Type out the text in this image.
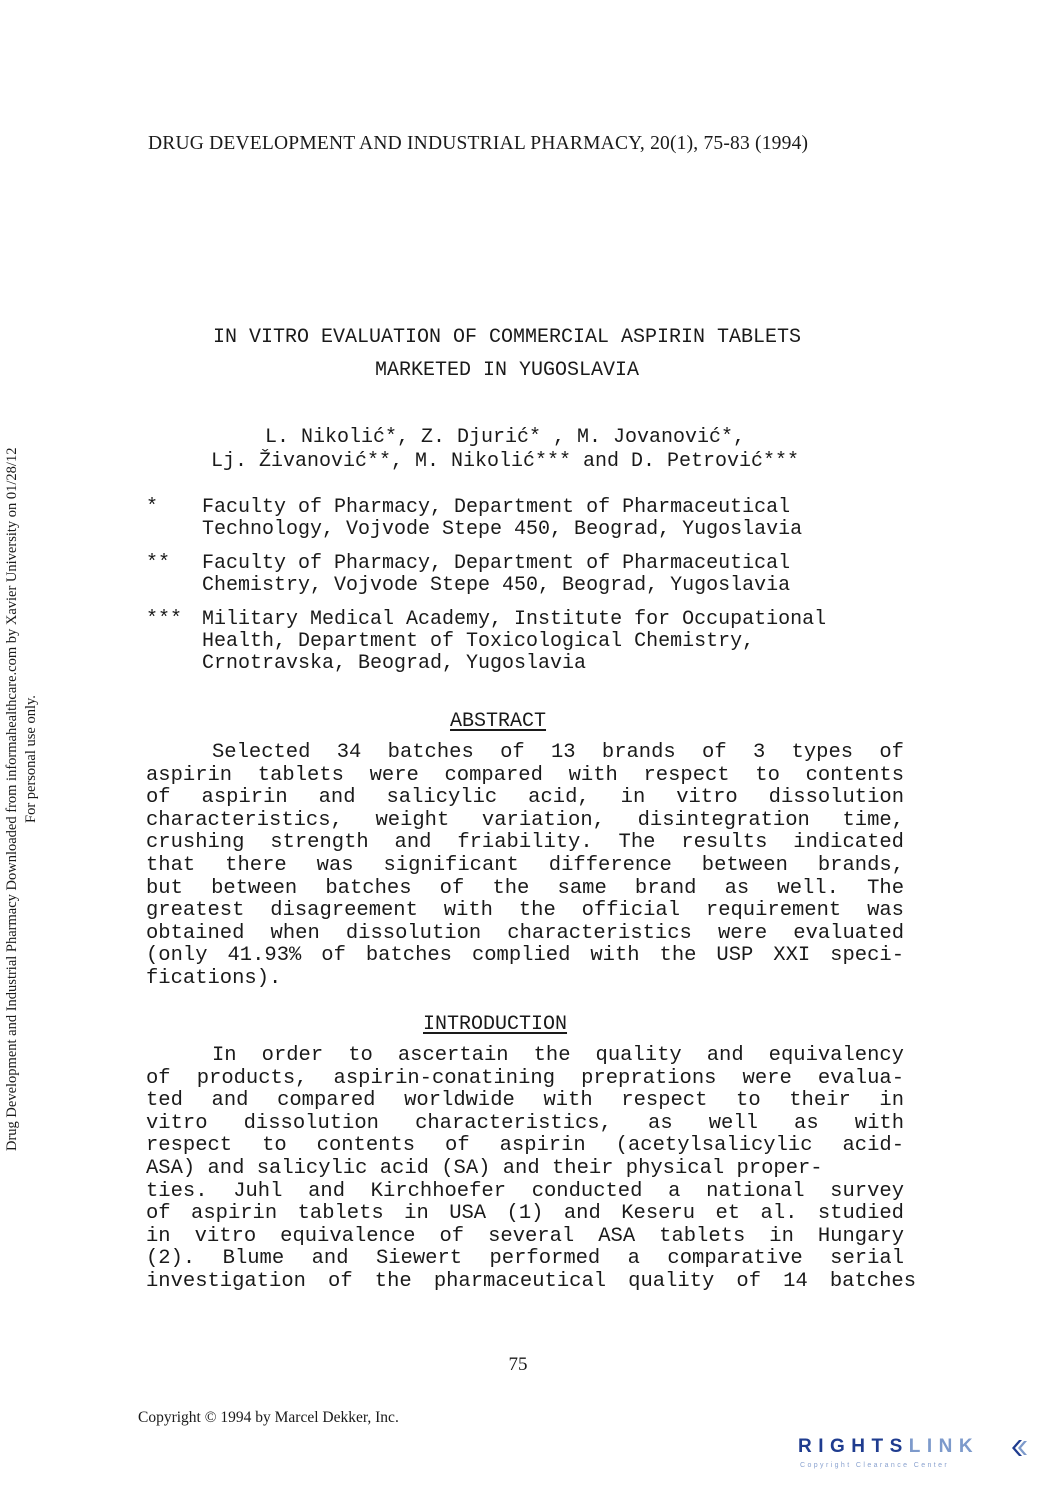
DRUG DEVELOPMENT AND INDUSTRIAL PHARMACY, 20(1), 75-83 (1994)
Drug Development and Industrial Pharmacy Downloaded from informahealthcare.com by Xavier University on 01/28/12 For personal use only.
IN VITRO EVALUATION OF COMMERCIAL ASPIRIN TABLETS
MARKETED IN YUGOSLAVIA
L. Nikolić*, Z. Djurić* , M. Jovanović*,
Lj. Živanović**, M. Nikolić*** and D. Petrović***
* Faculty of Pharmacy, Department of Pharmaceutical
Technology, Vojvode Stepe 450, Beograd, Yugoslavia
** Faculty of Pharmacy, Department of Pharmaceutical
Chemistry, Vojvode Stepe 450, Beograd, Yugoslavia
*** Military Medical Academy, Institute for Occupational
Health, Department of Toxicological Chemistry,
Crnotravska, Beograd, Yugoslavia
ABSTRACT
Selected 34 batches of 13 brands of 3 types of
aspirin tablets were compared with respect to contents
of aspirin and salicylic acid, in vitro dissolution
characteristics, weight variation, disintegration time,
crushing strength and friability. The results indicated
that there was significant difference between brands,
but between batches of the same brand as well. The
greatest disagreement with the official requirement was
obtained when dissolution characteristics were evaluated
(only 41.93% of batches complied with the USP XXI speci-
fications).
INTRODUCTION
In order to ascertain the quality and equivalency
of products, aspirin-conatining preprations were evalua-
ted and compared worldwide with respect to their in
vitro dissolution characteristics, as well as with
respect to contents of aspirin (acetylsalicylic acid-
ASA) and salicylic acid (SA) and their physical proper-
ties. Juhl and Kirchhoefer conducted a national survey
of aspirin tablets in USA (1) and Keseru et al. studied
in vitro equivalence of several ASA tablets in Hungary
(2). Blume and Siewert performed a comparative serial
investigation of the pharmaceutical quality of 14 batches
75
Copyright © 1994 by Marcel Dekker, Inc.
RIGHTSLINK
Copyright Clearance Center
